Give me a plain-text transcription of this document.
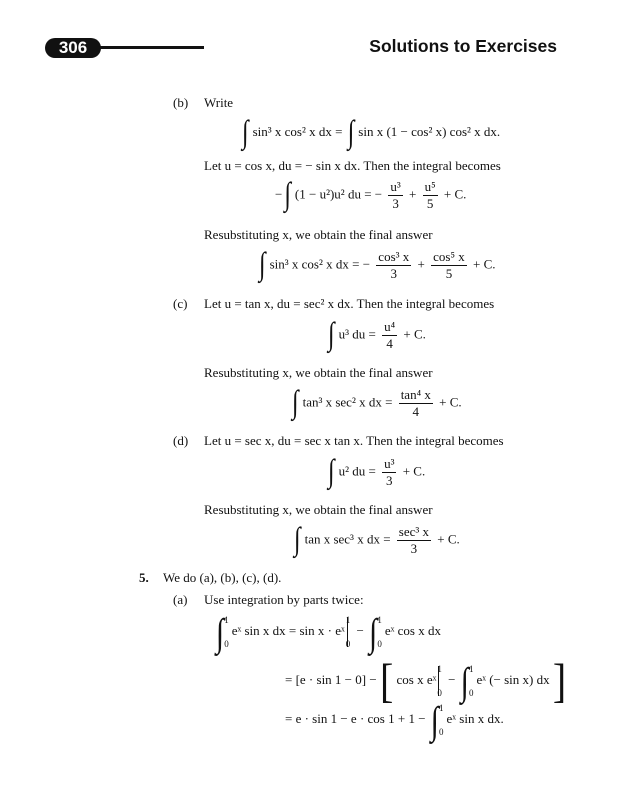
306	Solutions to Exercises
(b) Write
∫ sin³ x cos² x dx = ∫ sin x (1 − cos² x) cos² x dx.
Let u = cos x, du = − sin x dx. Then the integral becomes
−∫ (1 − u²)u² du = − $\frac{\text{u³}}{3} + \frac{\text{u⁵}}{5} + C$.
Resubstituting x, we obtain the final answer
∫ sin³ x cos² x dx = − $\frac{\text{cos³ x}}{3} + \frac{\text{cos⁵ x}}{5} + C$.
(c) Let u = tan x, du = sec² x dx. Then the integral becomes
∫ u³ du = $\frac{\text{u⁴}}{4} + C$.
Resubstituting x, we obtain the final answer
∫ tan³ x sec² x dx = $\frac{\text{tan⁴ x}}{4} + C$.
(d) Let u = sec x, du = sec x tan x. Then the integral becomes
∫ u² du = $\frac{\text{u³}}{3} + C$.
Resubstituting x, we obtain the final answer
∫ tan x sec³ x dx = $\frac{\text{sec³ x}}{3} + C$.
5. We do (a), (b), (c), (d).
(a) Use integration by parts twice:
∫ 1
0
eˣ sin x dx = sin x · eˣ
1
0
− ∫ 1
0
eˣ cos x dx
= [e · sin 1 − 0] − [ cos x eˣ
1
0
− ∫ 1
0
eˣ (− sin x) dx ]
= e · sin 1 − e · cos 1 + 1 − ∫ 1
0
eˣ sin x dx.
